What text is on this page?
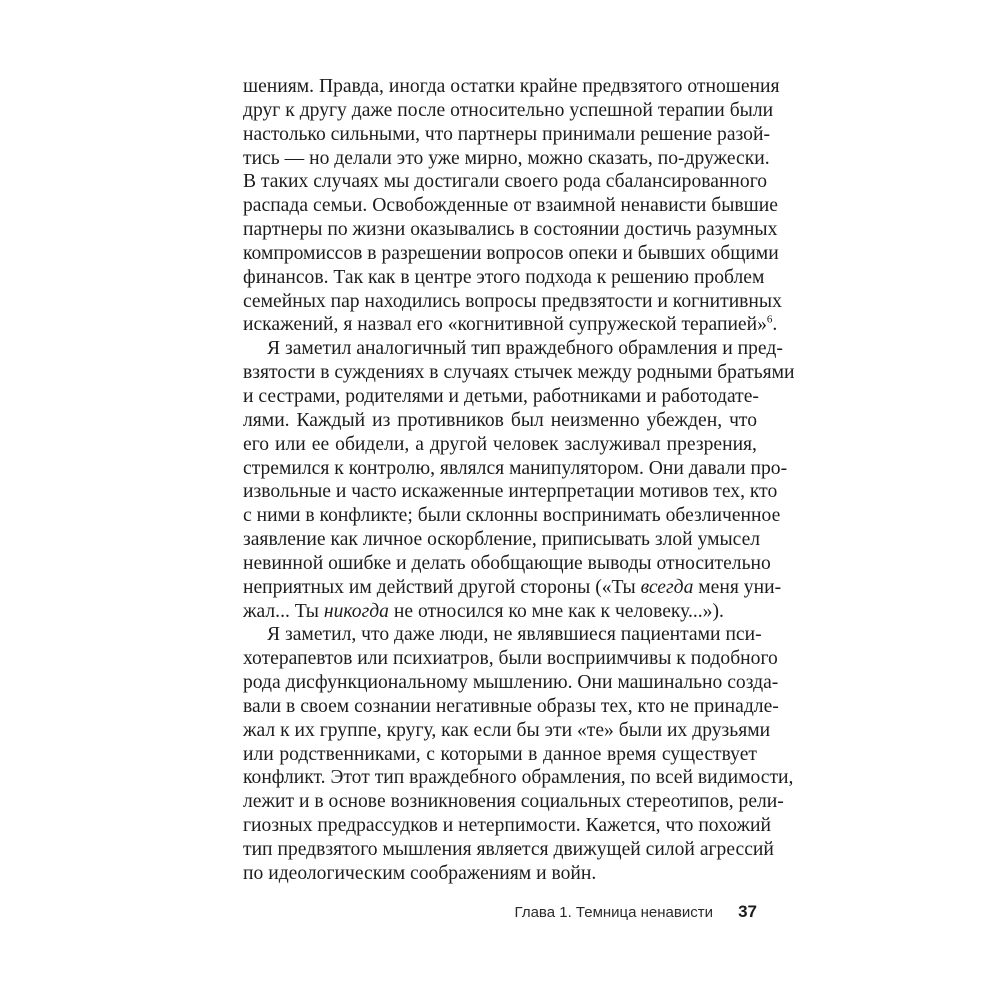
шениям. Правда, иногда остатки крайне предвзятого отношения
друг к другу даже после относительно успешной терапии были
настолько сильными, что партнеры принимали решение разой-
тись — но делали это уже мирно, можно сказать, по-дружески.
В таких случаях мы достигали своего рода сбалансированного
распада семьи. Освобожденные от взаимной ненависти бывшие
партнеры по жизни оказывались в состоянии достичь разумных
компромиссов в разрешении вопросов опеки и бывших общими
финансов. Так как в центре этого подхода к решению проблем
семейных пар находились вопросы предвзятости и когнитивных
искажений, я назвал его «когнитивной супружеской терапией»$^6$.
Я заметил аналогичный тип враждебного обрамления и пред-
взятости в суждениях в случаях стычек между родными братьями
и сестрами, родителями и детьми, работниками и работодате-
лями. Каждый из противников был неизменно убежден, что
его или ее обидели, а другой человек заслуживал презрения,
стремился к контролю, являлся манипулятором. Они давали про-
извольные и часто искаженные интерпретации мотивов тех, кто
с ними в конфликте; были склонны воспринимать обезличенное
заявление как личное оскорбление, приписывать злой умысел
невинной ошибке и делать обобщающие выводы относительно
неприятных им действий другой стороны («Ты всегда меня уни-
жал... Ты никогда не относился ко мне как к человеку...»).
Я заметил, что даже люди, не являвшиеся пациентами пси-
хотерапевтов или психиатров, были восприимчивы к подобного
рода дисфункциональному мышлению. Они машинально созда-
вали в своем сознании негативные образы тех, кто не принадле-
жал к их группе, кругу, как если бы эти «те» были их друзьями
или родственниками, с которыми в данное время существует
конфликт. Этот тип враждебного обрамления, по всей видимости,
лежит и в основе возникновения социальных стереотипов, рели-
гиозных предрассудков и нетерпимости. Кажется, что похожий
тип предвзятого мышления является движущей силой агрессий
по идеологическим соображениям и войн.
Глава 1. Темница ненависти 37
